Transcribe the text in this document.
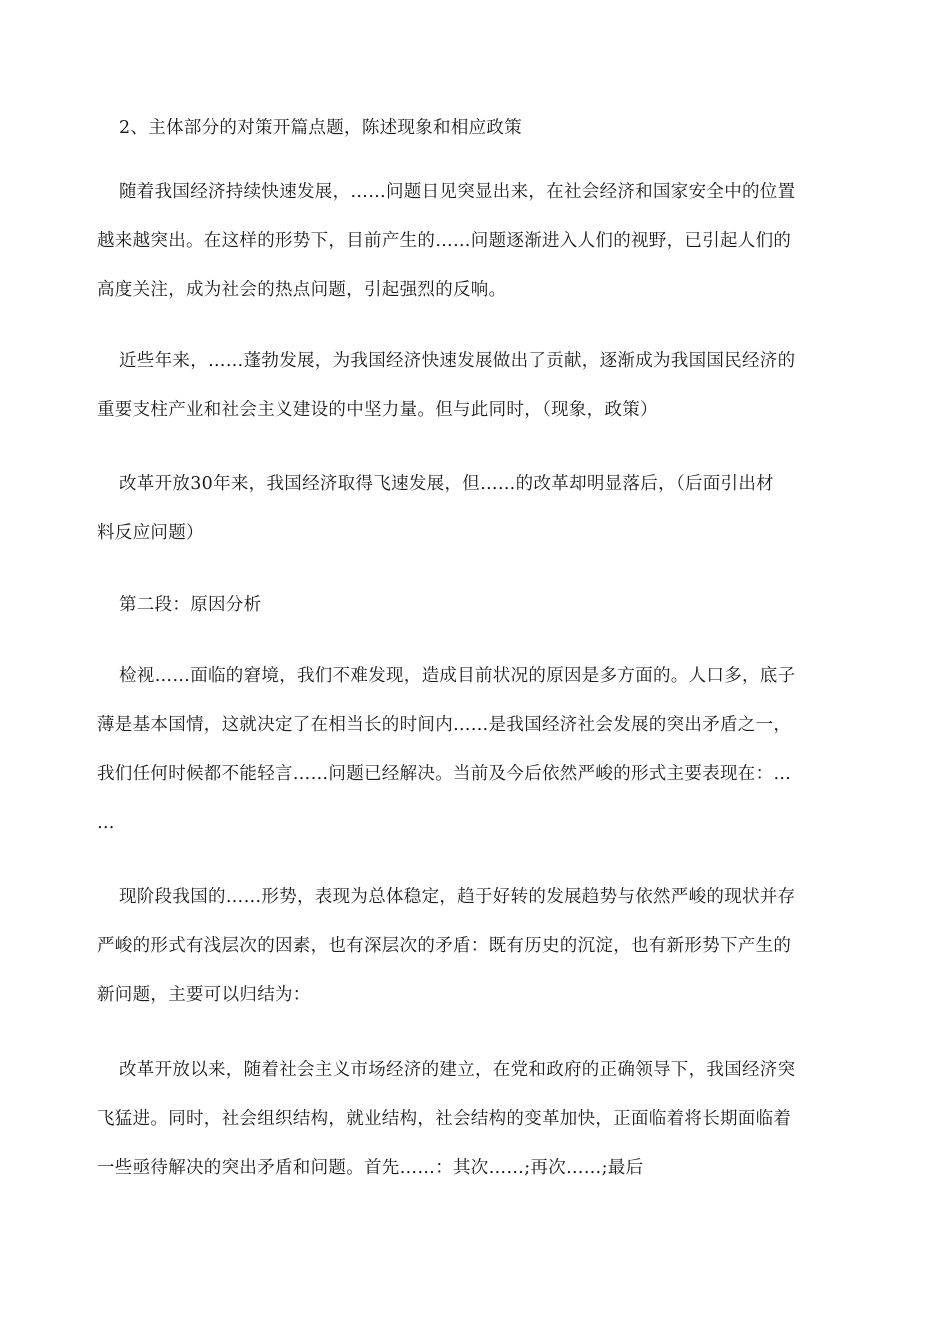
2、主体部分的对策开篇点题，陈述现象和相应政策
随着我国经济持续快速发展，……问题日见突显出来，在社会经济和国家安全中的位置
越来越突出。在这样的形势下，目前产生的……问题逐渐进入人们的视野，已引起人们的
高度关注，成为社会的热点问题，引起强烈的反响。
近些年来，……蓬勃发展，为我国经济快速发展做出了贡献，逐渐成为我国国民经济的
重要支柱产业和社会主义建设的中坚力量。但与此同时，（现象，政策）
改革开放30年来，我国经济取得飞速发展，但……的改革却明显落后，（后面引出材
料反应问题）
第二段：原因分析
检视……面临的窘境，我们不难发现，造成目前状况的原因是多方面的。人口多，底子
薄是基本国情，这就决定了在相当长的时间内……是我国经济社会发展的突出矛盾之一，
我们任何时候都不能轻言……问题已经解决。当前及今后依然严峻的形式主要表现在：…
…
现阶段我国的……形势，表现为总体稳定，趋于好转的发展趋势与依然严峻的现状并存
严峻的形式有浅层次的因素，也有深层次的矛盾：既有历史的沉淀，也有新形势下产生的
新问题，主要可以归结为：
改革开放以来，随着社会主义市场经济的建立，在党和政府的正确领导下，我国经济突
飞猛进。同时，社会组织结构，就业结构，社会结构的变革加快，正面临着将长期面临着
一些亟待解决的突出矛盾和问题。首先……：其次……;再次……;最后
